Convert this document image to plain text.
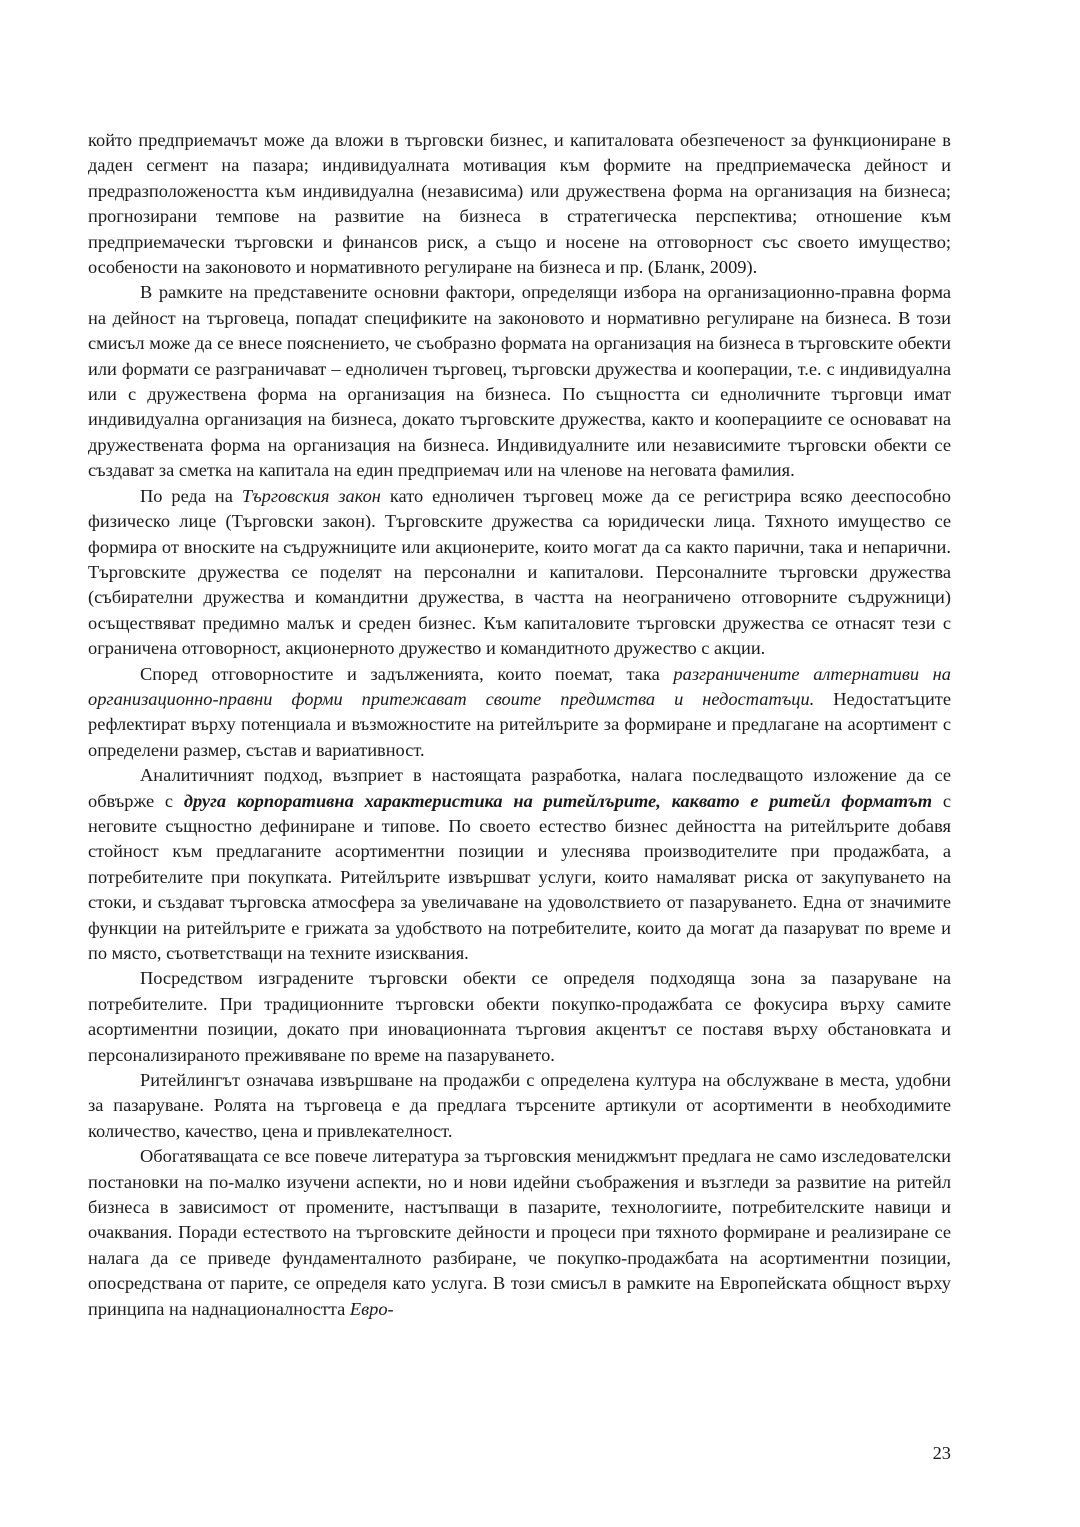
който предприемачът може да вложи в търговски бизнес, и капиталовата обезпеченост за функциониране в даден сегмент на пазара; индивидуалната мотивация към формите на предприемаческа дейност и предразположеността към индивидуална (независима) или дружествена форма на организация на бизнеса; прогнозирани темпове на развитие на бизнеса в стратегическа перспектива; отношение към предприемачески търговски и финансов риск, а също и носене на отговорност със своето имущество; особености на законовото и нормативното регулиране на бизнеса и пр. (Бланк, 2009).

В рамките на представените основни фактори, определящи избора на организационно-правна форма на дейност на търговеца, попадат спецификите на законовото и нормативно регулиране на бизнеса. В този смисъл може да се внесе пояснението, че съобразно формата на организация на бизнеса в търговските обекти или формати се разграничават – едноличен търговец, търговски дружества и кооперации, т.е. с индивидуална или с дружествена форма на организация на бизнеса. По същността си едноличните търговци имат индивидуална организация на бизнеса, докато търговските дружества, както и кооперациите се основават на дружествената форма на организация на бизнеса. Индивидуалните или независимите търговски обекти се създават за сметка на капитала на един предприемач или на членове на неговата фамилия.

По реда на Търговския закон като едноличен търговец може да се регистрира всяко дееспособно физическо лице (Търговски закон). Търговските дружества са юридически лица. Тяхното имущество се формира от вноските на съдружниците или акционерите, които могат да са както парични, така и непарични. Търговските дружества се поделят на персонални и капиталови. Персоналните търговски дружества (събирателни дружества и командитни дружества, в частта на неограничено отговорните съдружници) осъществяват предимно малък и среден бизнес. Към капиталовите търговски дружества се отнасят тези с ограничена отговорност, акционерното дружество и командитното дружество с акции.

Според отговорностите и задълженията, които поемат, така разграничените алтернативи на организационно-правни форми притежават своите предимства и недостатъци. Недостатъците рефлектират върху потенциала и възможностите на ритейлърите за формиране и предлагане на асортимент с определени размер, състав и вариативност.

Аналитичният подход, възприет в настоящата разработка, налага последващото изложение да се обвърже с друга корпоративна характеристика на ритейлърите, каквато е ритейл форматът с неговите същностно дефиниране и типове. По своето естество бизнес дейността на ритейлърите добавя стойност към предлаганите асортиментни позиции и улеснява производителите при продажбата, а потребителите при покупката. Ритейлърите извършват услуги, които намаляват риска от закупуването на стоки, и създават търговска атмосфера за увеличаване на удоволствието от пазаруването. Една от значимите функции на ритейлърите е грижата за удобството на потребителите, които да могат да пазаруват по време и по място, съответстващи на техните изисквания.

Посредством изградените търговски обекти се определя подходяща зона за пазаруване на потребителите. При традиционните търговски обекти покупко-продажбата се фокусира върху самите асортиментни позиции, докато при иновационната търговия акцентът се поставя върху обстановката и персонализираното преживяване по време на пазаруването.

Ритейлингът означава извършване на продажби с определена култура на обслужване в места, удобни за пазаруване. Ролята на търговеца е да предлага търсените артикули от асортименти в необходимите количество, качество, цена и привлекателност.

Обогатяващата се все повече литература за търговския мениджмънт предлага не само изследователски постановки на по-малко изучени аспекти, но и нови идейни съображения и възгледи за развитие на ритейл бизнеса в зависимост от промените, настъпващи в пазарите, технологиите, потребителските навици и очаквания. Поради естеството на търговските дейности и процеси при тяхното формиране и реализиране се налага да се приведе фундаменталното разбиране, че покупко-продажбата на асортиментни позиции, опосредствана от парите, се определя като услуга. В този смисъл в рамките на Европейската общност върху принципа на наднационалността Евро-

23
